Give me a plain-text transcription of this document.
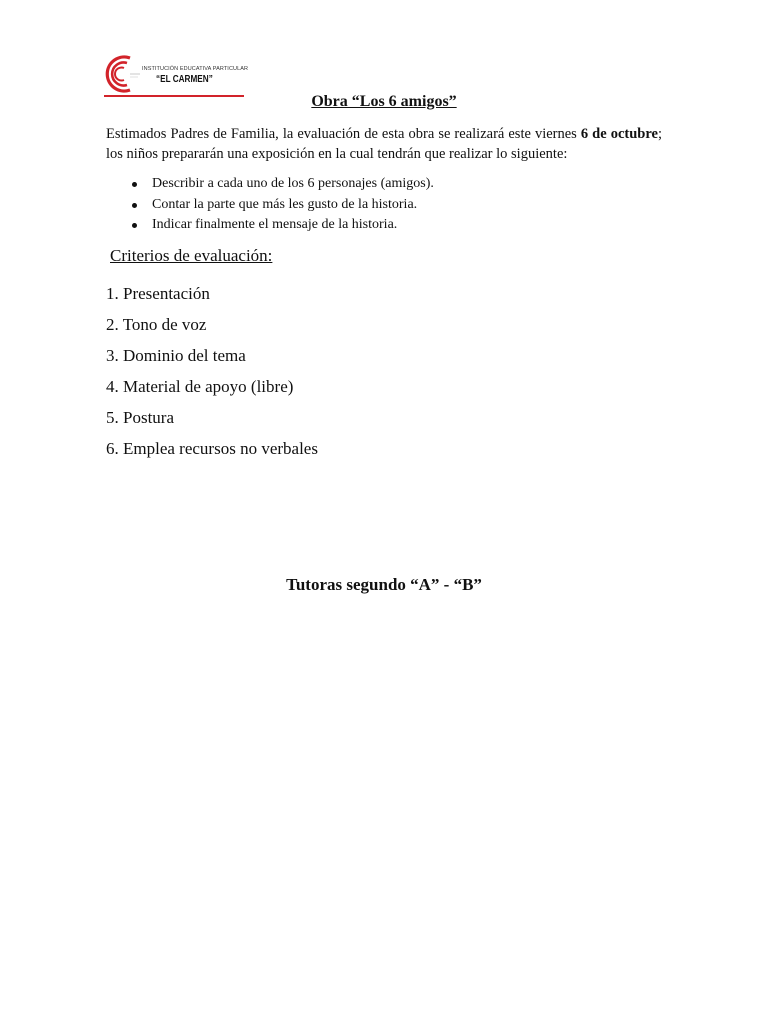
INSTITUCIÓN EDUCATIVA PARTICULAR
“EL CARMEN”
Obra “Los 6 amigos”
Estimados Padres de Familia, la evaluación de esta obra se realizará este viernes 6 de octubre; los niños prepararán una exposición en la cual tendrán que realizar lo siguiente:
Describir a cada uno de los 6 personajes (amigos).
Contar la parte que más les gusto de la historia.
Indicar finalmente el mensaje de la historia.
Criterios de evaluación:
1. Presentación
2. Tono de voz
3. Dominio del tema
4. Material de apoyo (libre)
5. Postura
6. Emplea recursos no verbales
Tutoras segundo “A” - “B”
